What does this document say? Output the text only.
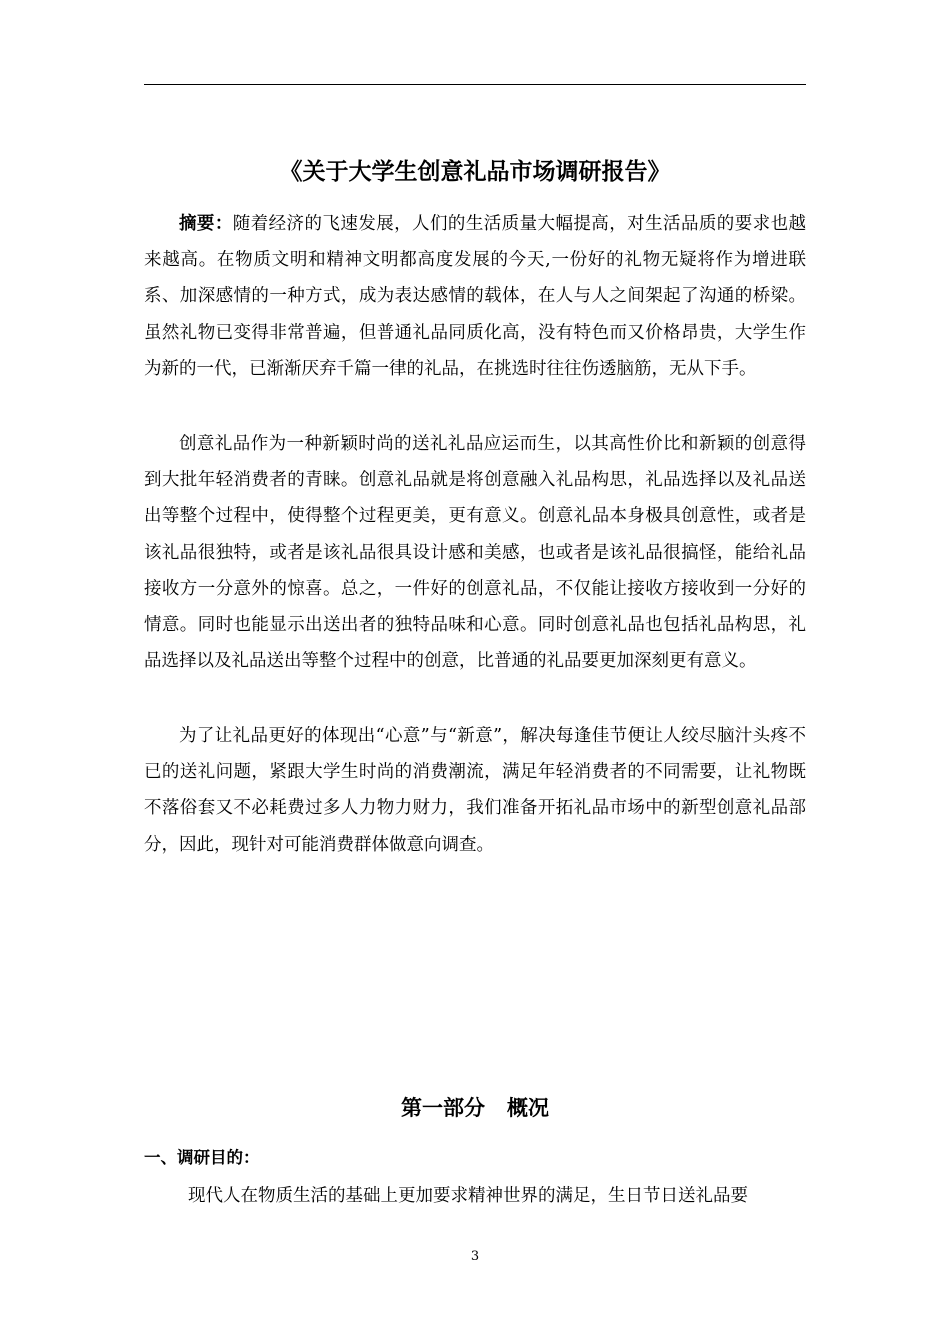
《关于大学生创意礼品市场调研报告》

摘要：随着经济的飞速发展，人们的生活质量大幅提高，对生活品质的要求也越来越高。在物质文明和精神文明都高度发展的今天,一份好的礼物无疑将作为增进联系、加深感情的一种方式，成为表达感情的载体，在人与人之间架起了沟通的桥梁。虽然礼物已变得非常普遍，但普通礼品同质化高，没有特色而又价格昂贵，大学生作为新的一代，已渐渐厌弃千篇一律的礼品，在挑选时往往伤透脑筋，无从下手。

创意礼品作为一种新颖时尚的送礼礼品应运而生，以其高性价比和新颖的创意得到大批年轻消费者的青睐。创意礼品就是将创意融入礼品构思，礼品选择以及礼品送出等整个过程中，使得整个过程更美，更有意义。创意礼品本身极具创意性，或者是该礼品很独特，或者是该礼品很具设计感和美感，也或者是该礼品很搞怪，能给礼品接收方一分意外的惊喜。总之，一件好的创意礼品，不仅能让接收方接收到一分好的情意。同时也能显示出送出者的独特品味和心意。同时创意礼品也包括礼品构思，礼品选择以及礼品送出等整个过程中的创意，比普通的礼品要更加深刻更有意义。

为了让礼品更好的体现出“心意”与“新意”，解决每逢佳节便让人绞尽脑汁头疼不已的送礼问题，紧跟大学生时尚的消费潮流，满足年轻消费者的不同需要，让礼物既不落俗套又不必耗费过多人力物力财力，我们准备开拓礼品市场中的新型创意礼品部分，因此，现针对可能消费群体做意向调查。

第一部分   概况
一、调研目的：

现代人在物质生活的基础上更加要求精神世界的满足，生日节日送礼品要

3
